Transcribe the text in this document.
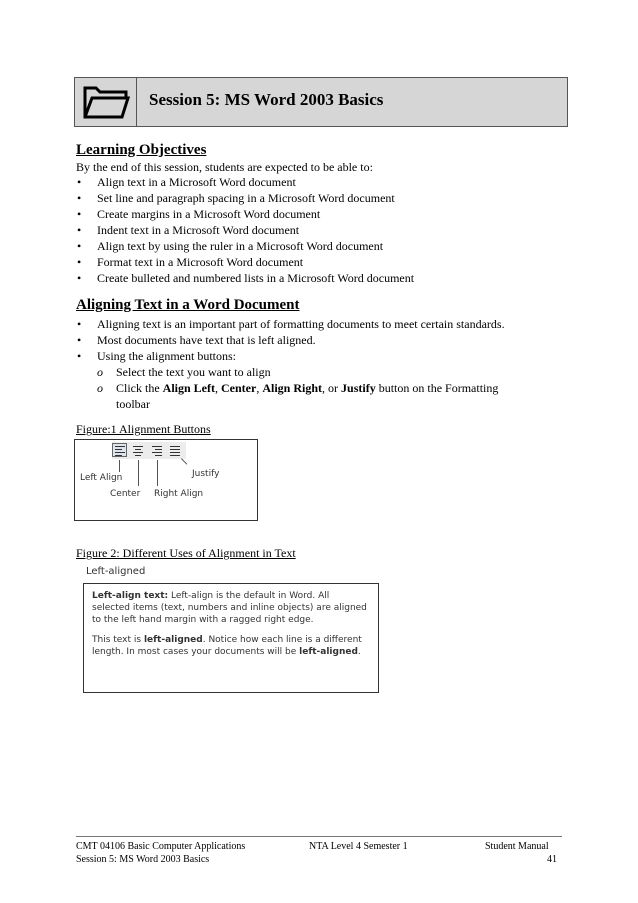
Session 5: MS Word 2003 Basics
Learning Objectives
By the end of this session, students are expected to be able to:
• Align text in a Microsoft Word document
• Set line and paragraph spacing in a Microsoft Word document
• Create margins in a Microsoft Word document
• Indent text in a Microsoft Word document
• Align text by using the ruler in a Microsoft Word document
• Format text in a Microsoft Word document
• Create bulleted and numbered lists in a Microsoft Word document
Aligning Text in a Word Document
• Aligning text is an important part of formatting documents to meet certain standards.
• Most documents have text that is left aligned.
• Using the alignment buttons:
o Select the text you want to align
o Click the Align Left, Center, Align Right, or Justify button on the Formatting toolbar
Figure:1 Alignment Buttons
Left Align
Center Right Align
Justify
Figure 2: Different Uses of Alignment in Text
Left-aligned

Left-align text: Left-align is the default in Word. All selected items (text, numbers and inline objects) are aligned to the left hand margin with a ragged right edge.

This text is left-aligned. Notice how each line is a different length. In most cases your documents will be left-aligned.

CMT 04106 Basic Computer Applications	NTA Level 4 Semester 1	Student Manual
Session 5: MS Word 2003 Basics	41
